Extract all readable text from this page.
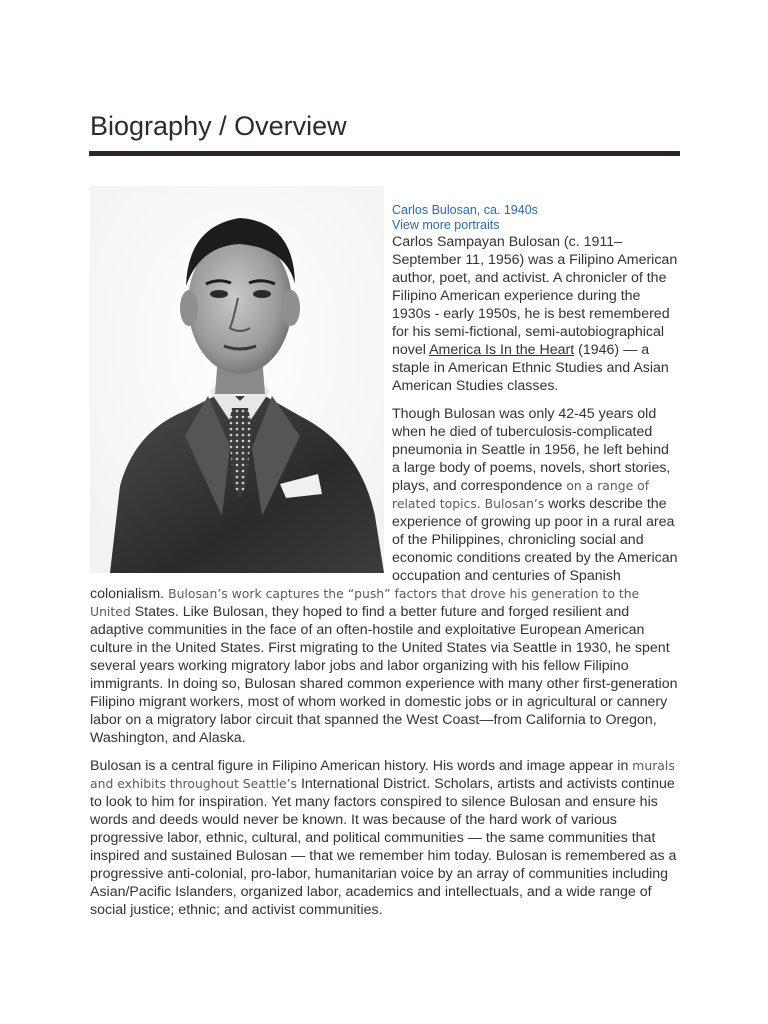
Biography / Overview
Carlos Bulosan, ca. 1940s
View more portraits

Carlos Sampayan Bulosan (c. 1911–September 11, 1956) was a Filipino American author, poet, and activist. A chronicler of the Filipino American experience during the 1930s - early 1950s, he is best remembered for his semi-fictional, semi-autobiographical novel America Is In the Heart (1946) — a staple in American Ethnic Studies and Asian American Studies classes.

Though Bulosan was only 42-45 years old when he died of tuberculosis-complicated pneumonia in Seattle in 1956, he left behind a large body of poems, novels, short stories, plays, and correspondence on a range of related topics. Bulosan’s works describe the experience of growing up poor in a rural area of the Philippines, chronicling social and economic conditions created by the American occupation and centuries of Spanish colonialism. Bulosan’s work captures the “push” factors that drove his generation to the United States. Like Bulosan, they hoped to find a better future and forged resilient and adaptive communities in the face of an often-hostile and exploitative European American culture in the United States. First migrating to the United States via Seattle in 1930, he spent several years working migratory labor jobs and labor organizing with his fellow Filipino immigrants. In doing so, Bulosan shared common experience with many other first-generation Filipino migrant workers, most of whom worked in domestic jobs or in agricultural or cannery labor on a migratory labor circuit that spanned the West Coast—from California to Oregon, Washington, and Alaska.

Bulosan is a central figure in Filipino American history. His words and image appear in murals and exhibits throughout Seattle’s International District. Scholars, artists and activists continue to look to him for inspiration. Yet many factors conspired to silence Bulosan and ensure his words and deeds would never be known. It was because of the hard work of various progressive labor, ethnic, cultural, and political communities — the same communities that inspired and sustained Bulosan — that we remember him today. Bulosan is remembered as a progressive anti-colonial, pro-labor, humanitarian voice by an array of communities including Asian/Pacific Islanders, organized labor, academics and intellectuals, and a wide range of social justice; ethnic; and activist communities.
